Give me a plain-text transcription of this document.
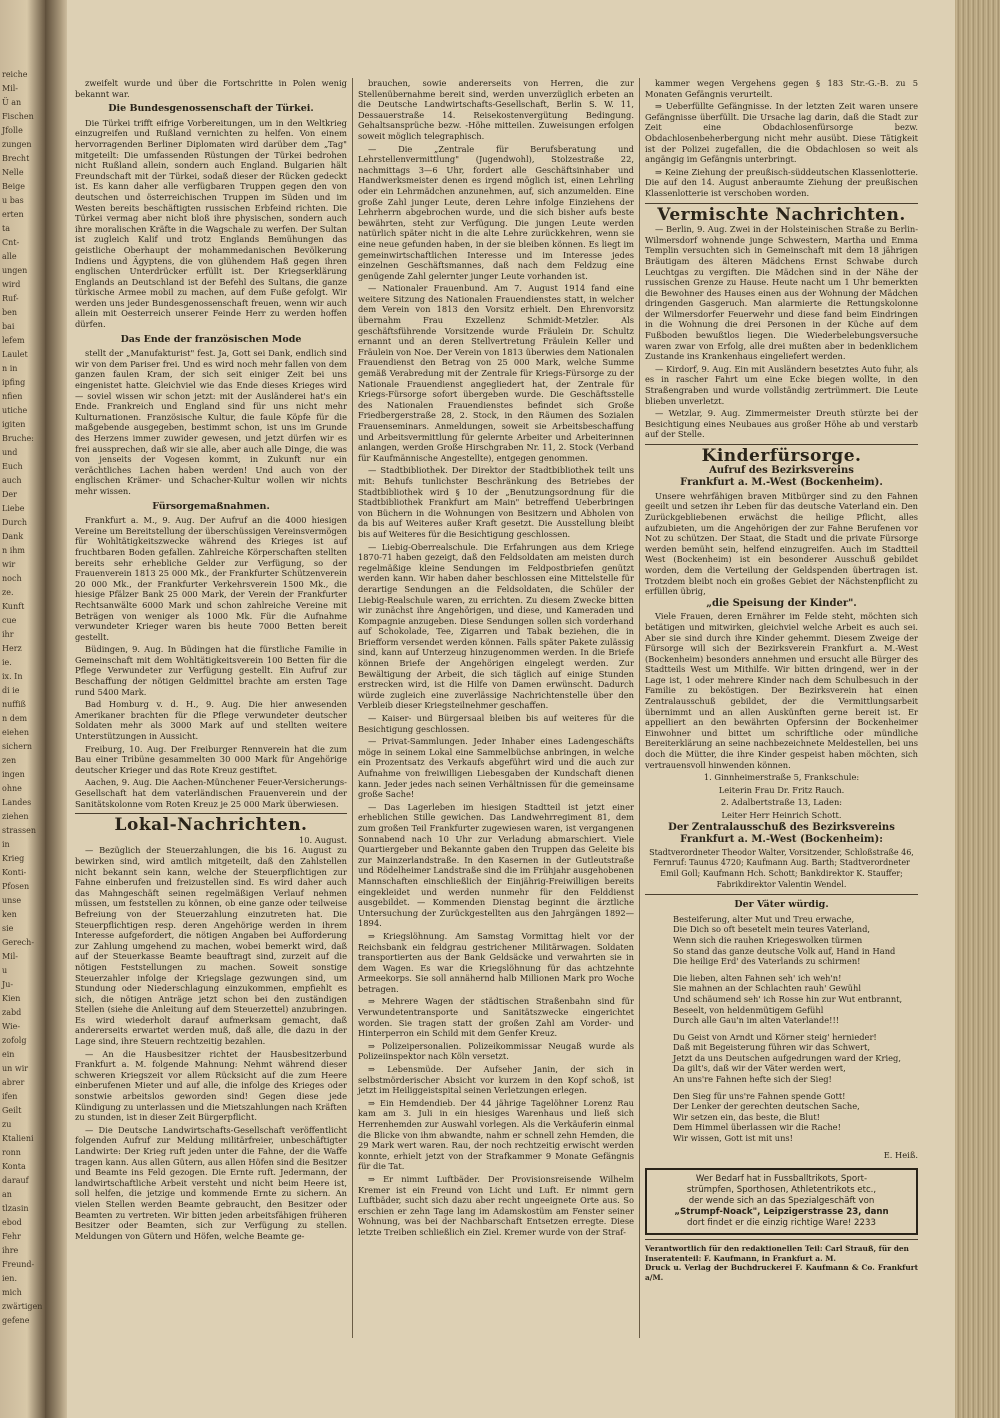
reiche
Mil-
Ü an
Fischen
Jfolle
zungen
Brecht
Nelle
Beige
u bas
erten
ta
Cnt-
alle
ungen
wird
Ruf-
ben
bai
lefem
Laulet
n in
ipfing
nfien
utiche
igiten
Bruche:
und
Euch
auch
Der
Liebe
Durch
Dank
n ihm
wir
noch
ze.
Kunft
cue
ihr
Herz
ie.
ix. In
di ie
nuffiß
n dem
eiehen
sichern
zen
ingen
ohne
Landes
ziehen
strassen
in
Krieg
Konti-
Pfosen
unse
ken
sie
Gerech-
Mil-
u
Ju-
Kien
zabd
Wie-
zofolg
ein
un wir
abrer
ifen
Geilt
zu
Ktalieni
ronn
Konta
darauf
an
tlzasin
ebod
Fehr
ihre
Freund-
ien.
mich
zwärtigen
gefene

zweifelt wurde und über die Fortschritte in Polen wenig bekannt war.

Die Bundesgenossenschaft der Türkei.

Die Türkei trifft eifrige Vorbereitungen, um in den Weltkrieg einzugreifen und Rußland vernichten zu helfen. Von einem hervorragenden Berliner Diplomaten wird darüber dem „Tag" mitgeteilt: Die umfassenden Rüstungen der Türkei bedrohen nicht Rußland allein, sondern auch England. Bulgarien hält Freundschaft mit der Türkei, sodaß dieser der Rücken gedeckt ist. Es kann daher alle verfügbaren Truppen gegen den von deutschen und österreichischen Truppen im Süden und im Westen bereits beschäftigten russischen Erbfeind richten. Die Türkei vermag aber nicht bloß ihre physischen, sondern auch ihre moralischen Kräfte in die Wagschale zu werfen. Der Sultan ist zugleich Kalif und trotz Englands Bemühungen das geistliche Oberhaupt der mohammedanischen Bevölkerung Indiens und Ägyptens, die von glühendem Haß gegen ihren englischen Unterdrücker erfüllt ist. Der Kriegserklärung Englands an Deutschland ist der Befehl des Sultans, die ganze türkische Armee mobil zu machen, auf dem Fuße gefolgt. Wir werden uns jeder Bundesgenossenschaft freuen, wenn wir auch allein mit Oesterreich unserer Feinde Herr zu werden hoffen dürfen.

Das Ende der französischen Mode

stellt der „Manufakturist" fest. Ja, Gott sei Dank, endlich sind wir von dem Pariser frei. Und es wird noch mehr fallen von dem ganzen faulen Kram, der sich seit einiger Zeit bei uns eingenistet hatte. Gleichviel wie das Ende dieses Krieges wird — soviel wissen wir schon jetzt: mit der Ausländerei hat's ein Ende. Frankreich und England sind für uns nicht mehr Kulturnationen. Französische Kultur, die faule Köpfe für die maßgebende ausgegeben, bestimmt schon, ist uns im Grunde des Herzens immer zuwider gewesen, und jetzt dürfen wir es frei aussprechen, daß wir sie alle, aber auch alle Dinge, die was von jenseits der Vogesen kommt, in Zukunft nur ein verächtliches Lachen haben werden! Und auch von der englischen Krämer- und Schacher-Kultur wollen wir nichts mehr wissen.

Fürsorgemaßnahmen.

Frankfurt a. M., 9. Aug. Der Aufruf an die 4000 hiesigen Vereine um Bereitstellung der überschüssigen Vereinsvermögen für Wohltätigkeitszwecke während des Krieges ist auf fruchtbaren Boden gefallen. Zahlreiche Körperschaften stellten bereits sehr erhebliche Gelder zur Verfügung, so der Frauenverein 1813 25 000 Mk., der Frankfurter Schützenverein 20 000 Mk., der Frankfurter Verkehrsverein 1500 Mk., die hiesige Pfälzer Bank 25 000 Mark, der Verein der Frankfurter Rechtsanwälte 6000 Mark und schon zahlreiche Vereine mit Beträgen von weniger als 1000 Mk. Für die Aufnahme verwundeter Krieger waren bis heute 7000 Betten bereit gestellt.

Büdingen, 9. Aug. In Büdingen hat die fürstliche Familie in Gemeinschaft mit dem Wohltätigkeitsverein 100 Betten für die Pflege Verwundeter zur Verfügung gestellt. Ein Aufruf zur Beschaffung der nötigen Geldmittel brachte am ersten Tage rund 5400 Mark.

Bad Homburg v. d. H., 9. Aug. Die hier anwesenden Amerikaner brachten für die Pflege verwundeter deutscher Soldaten mehr als 3000 Mark auf und stellten weitere Unterstützungen in Aussicht.

Freiburg, 10. Aug. Der Freiburger Rennverein hat die zum Bau einer Tribüne gesammelten 30 000 Mark für Angehörige deutscher Krieger und das Rote Kreuz gestiftet.

Aachen, 9. Aug. Die Aachen-Münchener Feuer-Versicherungs-Gesellschaft hat dem vaterländischen Frauenverein und der Sanitätskolonne vom Roten Kreuz je 25 000 Mark überwiesen.

Lokal-Nachrichten.
10. August.

— Bezüglich der Steuerzahlungen, die bis 16. August zu bewirken sind, wird amtlich mitgeteilt, daß den Zahlstellen nicht bekannt sein kann, welche der Steuerpflichtigen zur Fahne einberufen und freizustellen sind. Es wird daher auch das Mahngeschäft seinen regelmäßigen Verlauf nehmen müssen, um feststellen zu können, ob eine ganze oder teilweise Befreiung von der Steuerzahlung einzutreten hat. Die Steuerpflichtigen resp. deren Angehörige werden in ihrem Interesse aufgefordert, die nötigen Angaben bei Aufforderung zur Zahlung umgehend zu machen, wobei bemerkt wird, daß auf der Steuerkasse Beamte beauftragt sind, zurzeit auf die nötigen Feststellungen zu machen. Soweit sonstige Steuerzahler infolge der Kriegslage gezwungen sind, um Stundung oder Niederschlagung einzukommen, empfiehlt es sich, die nötigen Anträge jetzt schon bei den zuständigen Stellen (siehe die Anleitung auf dem Steuerzettel) anzubringen. Es wird wiederholt darauf aufmerksam gemacht, daß andererseits erwartet werden muß, daß alle, die dazu in der Lage sind, ihre Steuern rechtzeitig bezahlen.

— An die Hausbesitzer richtet der Hausbesitzerbund Frankfurt a. M. folgende Mahnung: Nehmt während dieser schweren Kriegszeit vor allem Rücksicht auf die zum Heere einberufenen Mieter und auf alle, die infolge des Krieges oder sonstwie arbeitslos geworden sind! Gegen diese jede Kündigung zu unterlassen und die Mietszahlungen nach Kräften zu stunden, ist in dieser Zeit Bürgerpflicht.

— Die Deutsche Landwirtschafts-Gesellschaft veröffentlicht folgenden Aufruf zur Meldung militärfreier, unbeschäftigter Landwirte: Der Krieg ruft jeden unter die Fahne, der die Waffe tragen kann. Aus allen Gütern, aus allen Höfen sind die Besitzer und Beamte ins Feld gezogen. Die Ernte ruft. Jedermann, der landwirtschaftliche Arbeit versteht und nicht beim Heere ist, soll helfen, die jetzige und kommende Ernte zu sichern. An vielen Stellen werden Beamte gebraucht, den Besitzer oder Beamten zu vertreten. Wir bitten jeden arbeitsfähigen früheren Besitzer oder Beamten, sich zur Verfügung zu stellen. Meldungen von Gütern und Höfen, welche Beamte ge-

brauchen, sowie andererseits von Herren, die zur Stellenübernahme bereit sind, werden unverzüglich erbeten an die Deutsche Landwirtschafts-Gesellschaft, Berlin S. W. 11, Dessauerstraße 14. Reisekostenvergütung Bedingung. Gehaltsansprüche bezw. -Höhe mitteilen. Zuweisungen erfolgen soweit möglich telegraphisch.

— Die „Zentrale für Berufsberatung und Lehrstellenvermittlung" (Jugendwohl), Stolzestraße 22, nachmittags 3—6 Uhr, fordert alle Geschäftsinhaber und Handwerksmeister denen es irgend möglich ist, einen Lehrling oder ein Lehrmädchen anzunehmen, auf, sich anzumelden. Eine große Zahl junger Leute, deren Lehre infolge Einziehens der Lehrherrn abgebrochen wurde, und die sich bisher aufs beste bewährten, steht zur Verfügung. Die jungen Leute werden natürlich später nicht in die alte Lehre zurückkehren, wenn sie eine neue gefunden haben, in der sie bleiben können. Es liegt im gemeinwirtschaftlichen Interesse und im Interesse jedes einzelnen Geschäftsmannes, daß nach dem Feldzug eine genügende Zahl gelernter junger Leute vorhanden ist.

— Nationaler Frauenbund. Am 7. August 1914 fand eine weitere Sitzung des Nationalen Frauendienstes statt, in welcher dem Verein von 1813 den Vorsitz erhielt. Den Ehrenvorsitz übernahm Frau Exzellenz Schmidt-Metzler. Als geschäftsführende Vorsitzende wurde Fräulein Dr. Schultz ernannt und an deren Stellvertretung Fräulein Keller und Fräulein von Noe. Der Verein von 1813 überwies dem Nationalen Frauendienst den Betrag von 25 000 Mark, welche Summe gemäß Verabredung mit der Zentrale für Kriegs-Fürsorge zu der Nationale Frauendienst angegliedert hat, der Zentrale für Kriegs-Fürsorge sofort übergeben wurde. Die Geschäftsstelle des Nationalen Frauendienstes befindet sich Große Friedbergerstraße 28, 2. Stock, in den Räumen des Sozialen Frauenseminars. Anmeldungen, soweit sie Arbeitsbeschaffung und Arbeitsvermittlung für gelernte Arbeiter und Arbeiterinnen anlangen, werden Große Hirschgraben Nr. 11, 2. Stock (Verband für Kaufmännische Angestellte), entgegen genommen.

— Stadtbibliothek. Der Direktor der Stadtbibliothek teilt uns mit: Behufs tunlichster Beschränkung des Betriebes der Stadtbibliothek wird § 10 der „Benutzungsordnung für die Stadtbibliothek Frankfurt am Main" betreffend Ueberbringen von Büchern in die Wohnungen von Besitzern und Abholen von da bis auf Weiteres außer Kraft gesetzt. Die Ausstellung bleibt bis auf Weiteres für die Besichtigung geschlossen.

— Liebig-Oberrealschule. Die Erfahrungen aus dem Kriege 1870-71 haben gezeigt, daß den Feldsoldaten am meisten durch regelmäßige kleine Sendungen im Feldpostbriefen genützt werden kann. Wir haben daher beschlossen eine Mittelstelle für derartige Sendungen an die Feldsoldaten, die Schüler der Liebig-Realschule waren, zu errichten. Zu diesem Zwecke bitten wir zunächst ihre Angehörigen, und diese, und Kameraden und Kompagnie anzugeben. Diese Sendungen sollen sich vorderhand auf Schokolade, Tee, Zigarren und Tabak beziehen, die in Briefform versendet werden können. Falls später Pakete zulässig sind, kann auf Unterzeug hinzugenommen werden. In die Briefe können Briefe der Angehörigen eingelegt werden. Zur Bewältigung der Arbeit, die sich täglich auf einige Stunden erstrecken wird, ist die Hilfe von Damen erwünscht. Dadurch würde zugleich eine zuverlässige Nachrichtenstelle über den Verbleib dieser Kriegsteilnehmer geschaffen.

— Kaiser- und Bürgersaal bleiben bis auf weiteres für die Besichtigung geschlossen.

— Privat-Sammlungen. Jeder Inhaber eines Ladengeschäfts möge in seinem Lokal eine Sammelbüchse anbringen, in welche ein Prozentsatz des Verkaufs abgeführt wird und die auch zur Aufnahme von freiwilligen Liebesgaben der Kundschaft dienen kann. Jeder jedes nach seinen Verhältnissen für die gemeinsame große Sache!

— Das Lagerleben im hiesigen Stadtteil ist jetzt einer erheblichen Stille gewichen. Das Landwehrregiment 81, dem zum großen Teil Frankfurter zugewiesen waren, ist vergangenen Sonnabend nach 10 Uhr zur Verladung abmarschiert. Viele Quartiergeber und Bekannte gaben den Truppen das Geleite bis zur Mainzerlandstraße. In den Kasernen in der Gutleutstraße und Rödelheimer Landstraße sind die im Frühjahr ausgehobenen Mannschaften einschließlich der Einjährig-Freiwilligen bereits eingekleidet und werden nunmehr für den Felddienst ausgebildet. — Kommenden Dienstag beginnt die ärztliche Untersuchung der Zurückgestellten aus den Jahrgängen 1892—1894.

⇒ Kriegslöhnung. Am Samstag Vormittag hielt vor der Reichsbank ein feldgrau gestrichener Militärwagen. Soldaten transportierten aus der Bank Geldsäcke und verwahrten sie in dem Wagen. Es war die Kriegslöhnung für das achtzehnte Armeekorps. Sie soll annähernd halb Millionen Mark pro Woche betragen.

⇒ Mehrere Wagen der städtischen Straßenbahn sind für Verwundetentransporte und Sanitätszwecke eingerichtet worden. Sie tragen statt der großen Zahl am Vorder- und Hinterperron ein Schild mit dem Genfer Kreuz.

⇒ Polizeipersonalien. Polizeikommissar Neugaß wurde als Polizeiinspektor nach Köln versetzt.

⇒ Lebensmüde. Der Aufseher Janin, der sich in selbstmörderischer Absicht vor kurzem in den Kopf schoß, ist jetzt im Heiliggeistspital seinen Verletzungen erlegen.

⇒ Ein Hemdendieb. Der 44 jährige Tagelöhner Lorenz Rau kam am 3. Juli in ein hiesiges Warenhaus und ließ sich Herrenhemden zur Auswahl vorlegen. Als die Verkäuferin einmal die Blicke von ihm abwandte, nahm er schnell zehn Hemden, die 29 Mark wert waren. Rau, der noch rechtzeitig erwischt werden konnte, erhielt jetzt von der Strafkammer 9 Monate Gefängnis für die Tat.

⇒ Er nimmt Luftbäder. Der Provisionsreisende Wilhelm Kremer ist ein Freund von Licht und Luft. Er nimmt gern Luftbäder, sucht sich dazu aber recht ungeeignete Orte aus. So erschien er zehn Tage lang im Adamskostüm am Fenster seiner Wohnung, was bei der Nachbarschaft Entsetzen erregte. Diese letzte Treiben schließlich ein Ziel. Kremer wurde von der Straf-

kammer wegen Vergehens gegen § 183 Str.-G.-B. zu 5 Monaten Gefängnis verurteilt.

⇒ Ueberfüllte Gefängnisse. In der letzten Zeit waren unsere Gefängnisse überfüllt. Die Ursache lag darin, daß die Stadt zur Zeit eine Obdachlosenfürsorge bezw. Obdachlosenbeherbergung nicht mehr ausübt. Diese Tätigkeit ist der Polizei zugefallen, die die Obdachlosen so weit als angängig im Gefängnis unterbringt.

⇒ Keine Ziehung der preußisch-süddeutschen Klassenlotterie. Die auf den 14. August anberaumte Ziehung der preußischen Klassenlotterie ist verschoben worden.

Vermischte Nachrichten.

— Berlin, 9. Aug. Zwei in der Holsteinischen Straße zu Berlin-Wilmersdorf wohnende junge Schwestern, Martha und Emma Templin versuchten sich in Gemeinschaft mit dem 18 jährigen Bräutigam des älteren Mädchens Ernst Schwabe durch Leuchtgas zu vergiften. Die Mädchen sind in der Nähe der russischen Grenze zu Hause. Heute nacht um 1 Uhr bemerkten die Bewohner des Hauses einen aus der Wohnung der Mädchen dringenden Gasgeruch. Man alarmierte die Rettungskolonne der Wilmersdorfer Feuerwehr und diese fand beim Eindringen in die Wohnung die drei Personen in der Küche auf dem Fußboden bewußtlos liegen. Die Wiederbelebungsversuche waren zwar von Erfolg, alle drei mußten aber in bedenklichem Zustande ins Krankenhaus eingeliefert werden.

— Kirdorf, 9. Aug. Ein mit Ausländern besetztes Auto fuhr, als es in rascher Fahrt um eine Ecke biegen wollte, in den Straßengraben und wurde vollständig zertrümmert. Die Leute blieben unverletzt.

— Wetzlar, 9. Aug. Zimmermeister Dreuth stürzte bei der Besichtigung eines Neubaues aus großer Höhe ab und verstarb auf der Stelle.

Kinderfürsorge.
Aufruf des Bezirksvereins
Frankfurt a. M.-West (Bockenheim).

Unsere wehrfähigen braven Mitbürger sind zu den Fahnen geeilt und setzen ihr Leben für das deutsche Vaterland ein. Den Zurückgebliebenen erwächst die heilige Pflicht, alles aufzubieten, um die Angehörigen der zur Fahne Berufenen vor Not zu schützen. Der Staat, die Stadt und die private Fürsorge werden bemüht sein, helfend einzugreifen. Auch im Stadtteil West (Bockenheim) ist ein besonderer Ausschuß gebildet worden, dem die Verteilung der Geldspenden übertragen ist. Trotzdem bleibt noch ein großes Gebiet der Nächstenpflicht zu erfüllen übrig,

„die Speisung der Kinder".

Viele Frauen, deren Ernährer im Felde steht, möchten sich betätigen und mitwirken, gleichviel welche Arbeit es auch sei. Aber sie sind durch ihre Kinder gehemmt. Diesem Zweige der Fürsorge will sich der Bezirksverein Frankfurt a. M.-West (Bockenheim) besonders annehmen und ersucht alle Bürger des Stadtteils West um Mithilfe. Wir bitten dringend, wer in der Lage ist, 1 oder mehrere Kinder nach dem Schulbesuch in der Familie zu beköstigen. Der Bezirksverein hat einen Zentralausschuß gebildet, der die Vermittlungsarbeit übernimmt und an allen Auskünften gerne bereit ist. Er appelliert an den bewährten Opfersinn der Bockenheimer Einwohner und bittet um schriftliche oder mündliche Bereiterklärung an seine nachbezeichnete Meldestellen, bei uns doch die Mütter, die ihre Kinder gespeist haben möchten, sich vertrauensvoll hinwenden können.

1. Ginnheimerstraße 5, Frankschule:

Leiterin Frau Dr. Fritz Rauch.

2. Adalbertstraße 13, Laden:

Leiter Herr Heinrich Schott.

Der Zentralausschuß des Bezirksvereins
Frankfurt a. M.-West (Bockenheim):

Stadtverordneter Theodor Walter, Vorsitzender, Schloßstraße 46, Fernruf: Taunus 4720; Kaufmann Aug. Barth; Stadtverordneter Emil Goll; Kaufmann Hch. Schott; Bankdirektor K. Stauffer; Fabrikdirektor Valentin Wendel.

Der Väter würdig.

Besteiferung, alter Mut und Treu erwache,

Die Dich so oft besetelt mein teures Vaterland,

Wenn sich die rauhen Kriegeswolken türmen

So stand das ganze deutsche Volk auf, Hand in Hand

Die heilige Erd' des Vaterlands zu schirmen!

Die lieben, alten Fahnen seh' ich weh'n!

Sie mahnen an der Schlachten rauh' Gewühl

Und schäumend seh' ich Rosse hin zur Wut entbrannt,

Beseelt, von heldenmütigem Gefühl

Durch alle Gau'n im alten Vaterlande!!!

Du Geist von Arndt und Körner steig' hernieder!

Daß mit Begeisterung führen wir das Schwert,

Jetzt da uns Deutschen aufgedrungen ward der Krieg,

Da gilt's, daß wir der Väter werden wert,

An uns're Fahnen hefte sich der Sieg!

Den Sieg für uns're Fahnen spende Gott!

Der Lenker der gerechten deutschen Sache,

Wir setzen ein, das beste, die Blut!

Dem Himmel überlassen wir die Rache!

Wir wissen, Gott ist mit uns!

E. Heiß.
Wer Bedarf hat in Fussballtrikots, Sport-
strümpfen, Sporthosen, Athletentrikots etc.,
der wende sich an das Spezialgeschäft von
„Strumpf-Noack", Leipzigerstrasse 23, dann
dort findet er die einzig richtige Ware! 2233
Verantwortlich für den redaktionellen Teil: Carl Strauß, für den
Inseratenteil: F. Kaufmann, in Frankfurt a. M.
Druck u. Verlag der Buchdruckerei F. Kaufmann & Co. Frankfurt a/M.
